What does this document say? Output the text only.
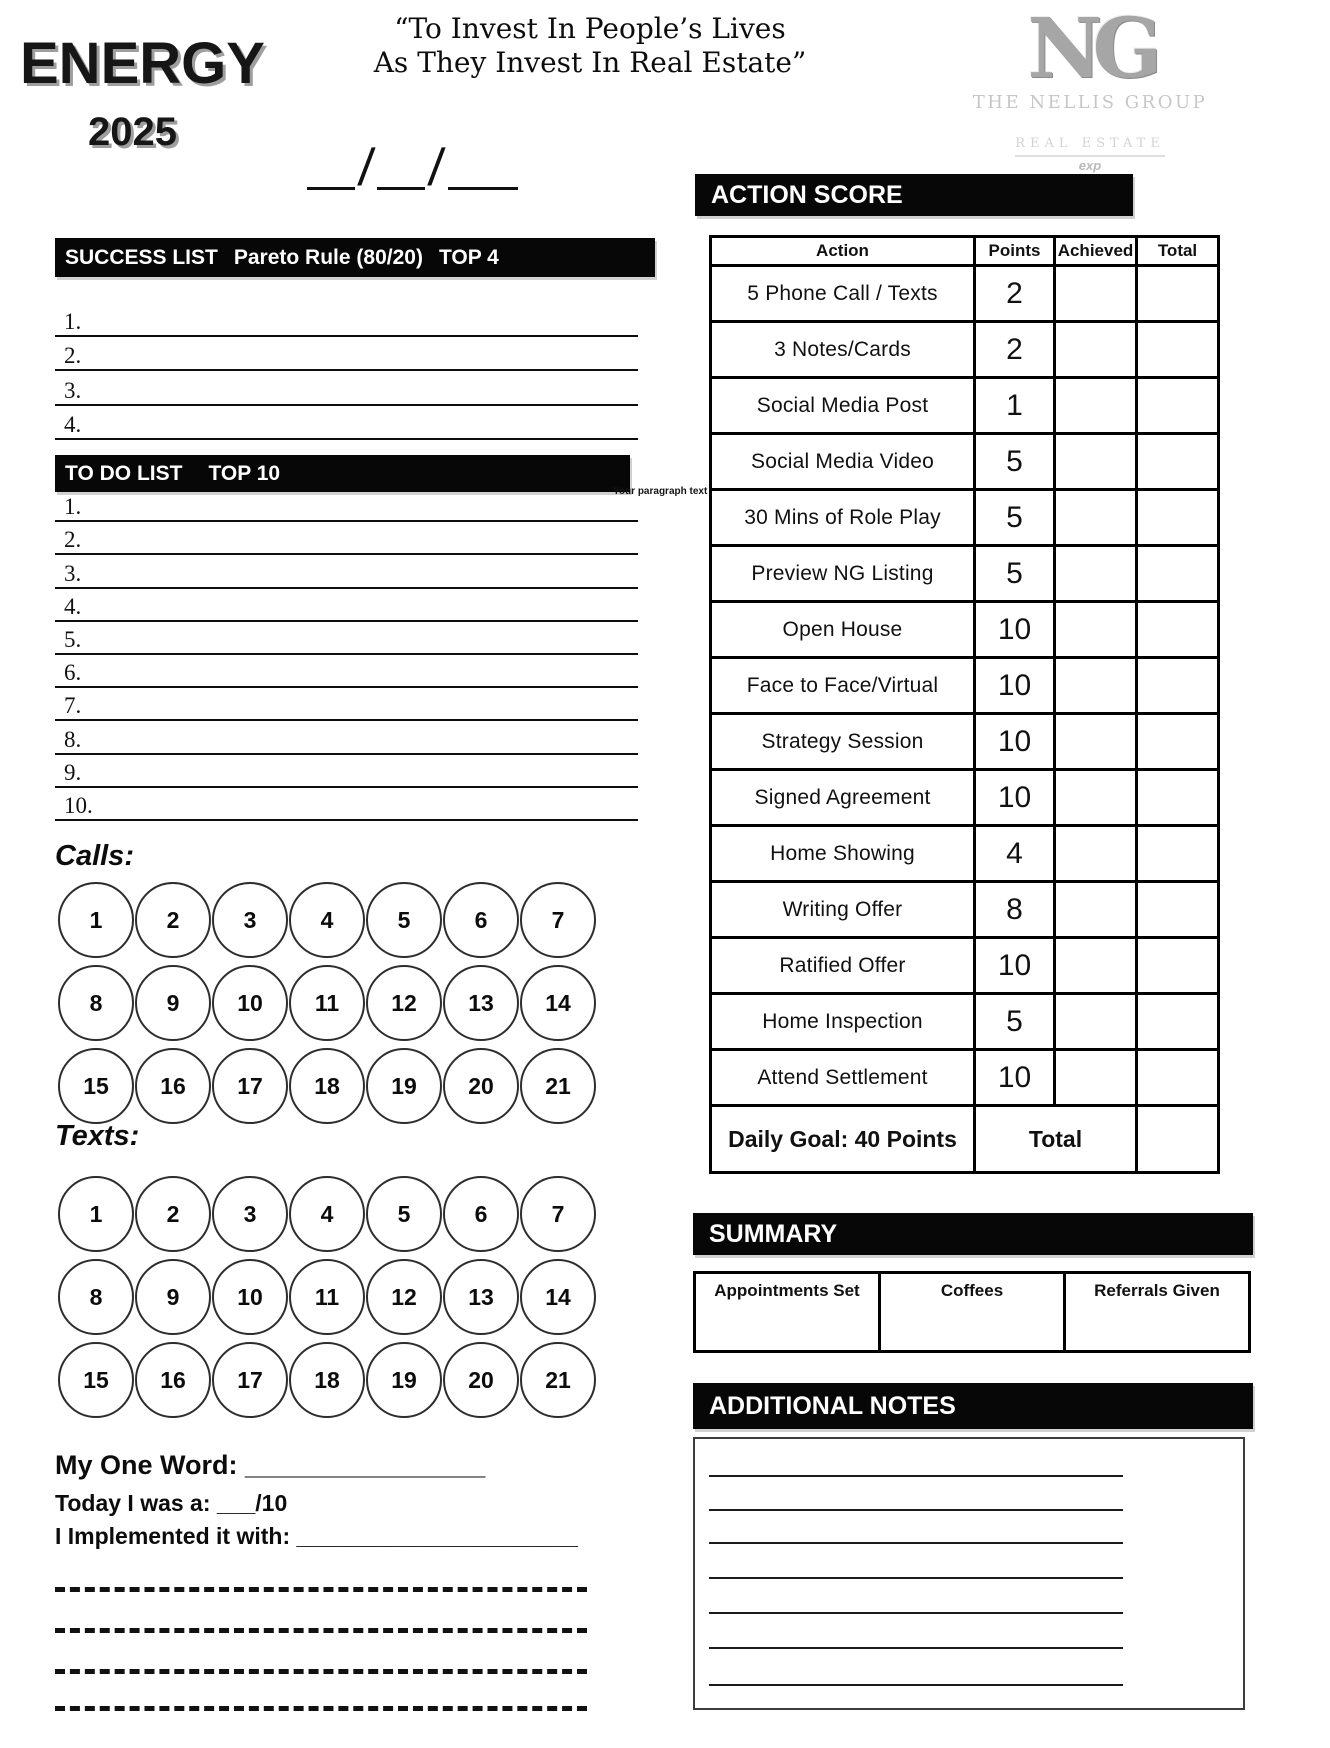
ENERGY
2025
“To Invest In People’s Lives
As They Invest In Real Estate”
/ /
NG
THE NELLIS GROUP

REAL ESTATE
exp
SUCCESS LIST Pareto Rule (80/20) TOP 4
1.
2.
3.
4.
TO DO LIST TOP 10
Your paragraph text
1.
2.
3.
4.
5.
6.
7.
8.
9.
10.
Calls:
1	2	3	4	5	6	7
8	9	10	11	12	13	14
15	16	17	18	19	20	21
Texts:
1	2	3	4	5	6	7
8	9	10	11	12	13	14
15	16	17	18	19	20	21
My One Word: ________________
Today I was a: ___/10
I Implemented it with: ______________________
ACTION SCORE
Action	Points	Achieved	Total
5 Phone Call / Texts	2		
3 Notes/Cards	2		
Social Media Post	1		
Social Media Video	5		
30 Mins of Role Play	5		
Preview NG Listing	5		
Open House	10		
Face to Face/Virtual	10		
Strategy Session	10		
Signed Agreement	10		
Home Showing	4		
Writing Offer	8		
Ratified Offer	10		
Home Inspection	5		
Attend Settlement	10		
Daily Goal: 40 Points	Total		
SUMMARY
Appointments Set	Coffees	Referrals Given
ADDITIONAL NOTES
